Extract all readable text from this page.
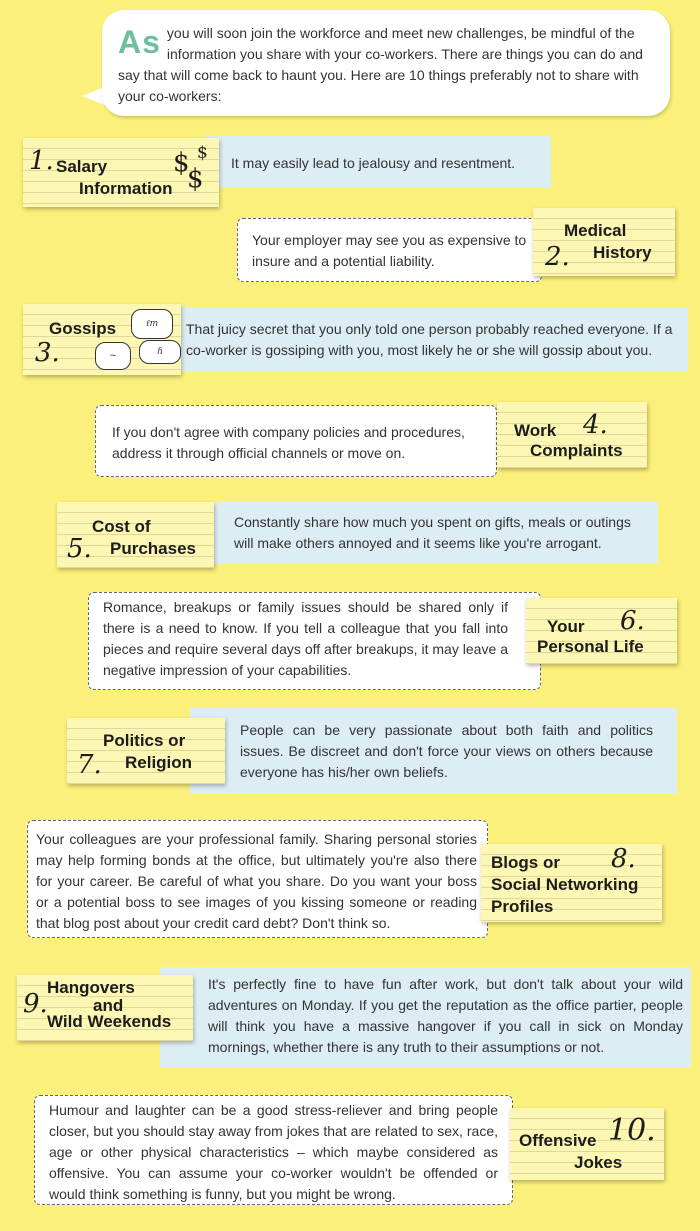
As you will soon join the workforce and meet new challenges, be mindful of the information you share with your co-workers. There are things you can do and say that will come back to haunt you. Here are 10 things preferably not to share with your co-workers:
It may easily lead to jealousy and resentment.
1. Salary
Information
$ $
$
Your employer may see you as expensive to insure and a potential liability.
Medical
2. History
That juicy secret that you only told one person probably reached everyone. If a co-worker is gossiping with you, most likely he or she will gossip about you.
Gossips
3.
ℓm
~	ɦ
If you don't agree with company policies and procedures, address it through official channels or move on.
Work 4.
Complaints
Constantly share how much you spent on gifts, meals or outings will make others annoyed and it seems like you're arrogant.
Cost of
5. Purchases
Romance, breakups or family issues should be shared only if there is a need to know. If you tell a colleague that you fall into pieces and require several days off after breakups, it may leave a negative impression of your capabilities.
Your 6.
Personal Life
People can be very passionate about both faith and politics issues. Be discreet and don't force your views on others because everyone has his/her own beliefs.
Politics or
7. Religion
Your colleagues are your professional family. Sharing personal stories may help forming bonds at the office, but ultimately you're also there for your career. Be careful of what you share. Do you want your boss or a potential boss to see images of you kissing someone or reading that blog post about your credit card debt? Don't think so.
Blogs or 8.
Social Networking
Profiles
It's perfectly fine to have fun after work, but don't talk about your wild adventures on Monday. If you get the reputation as the office partier, people will think you have a massive hangover if you call in sick on Monday mornings, whether there is any truth to their assumptions or not.
9.
Hangovers
and
Wild Weekends
Humour and laughter can be a good stress-reliever and bring people closer, but you should stay away from jokes that are related to sex, race, age or other physical characteristics – which maybe considered as offensive. You can assume your co-worker wouldn't be offended or would think something is funny, but you might be wrong.
Offensive 10.
Jokes
